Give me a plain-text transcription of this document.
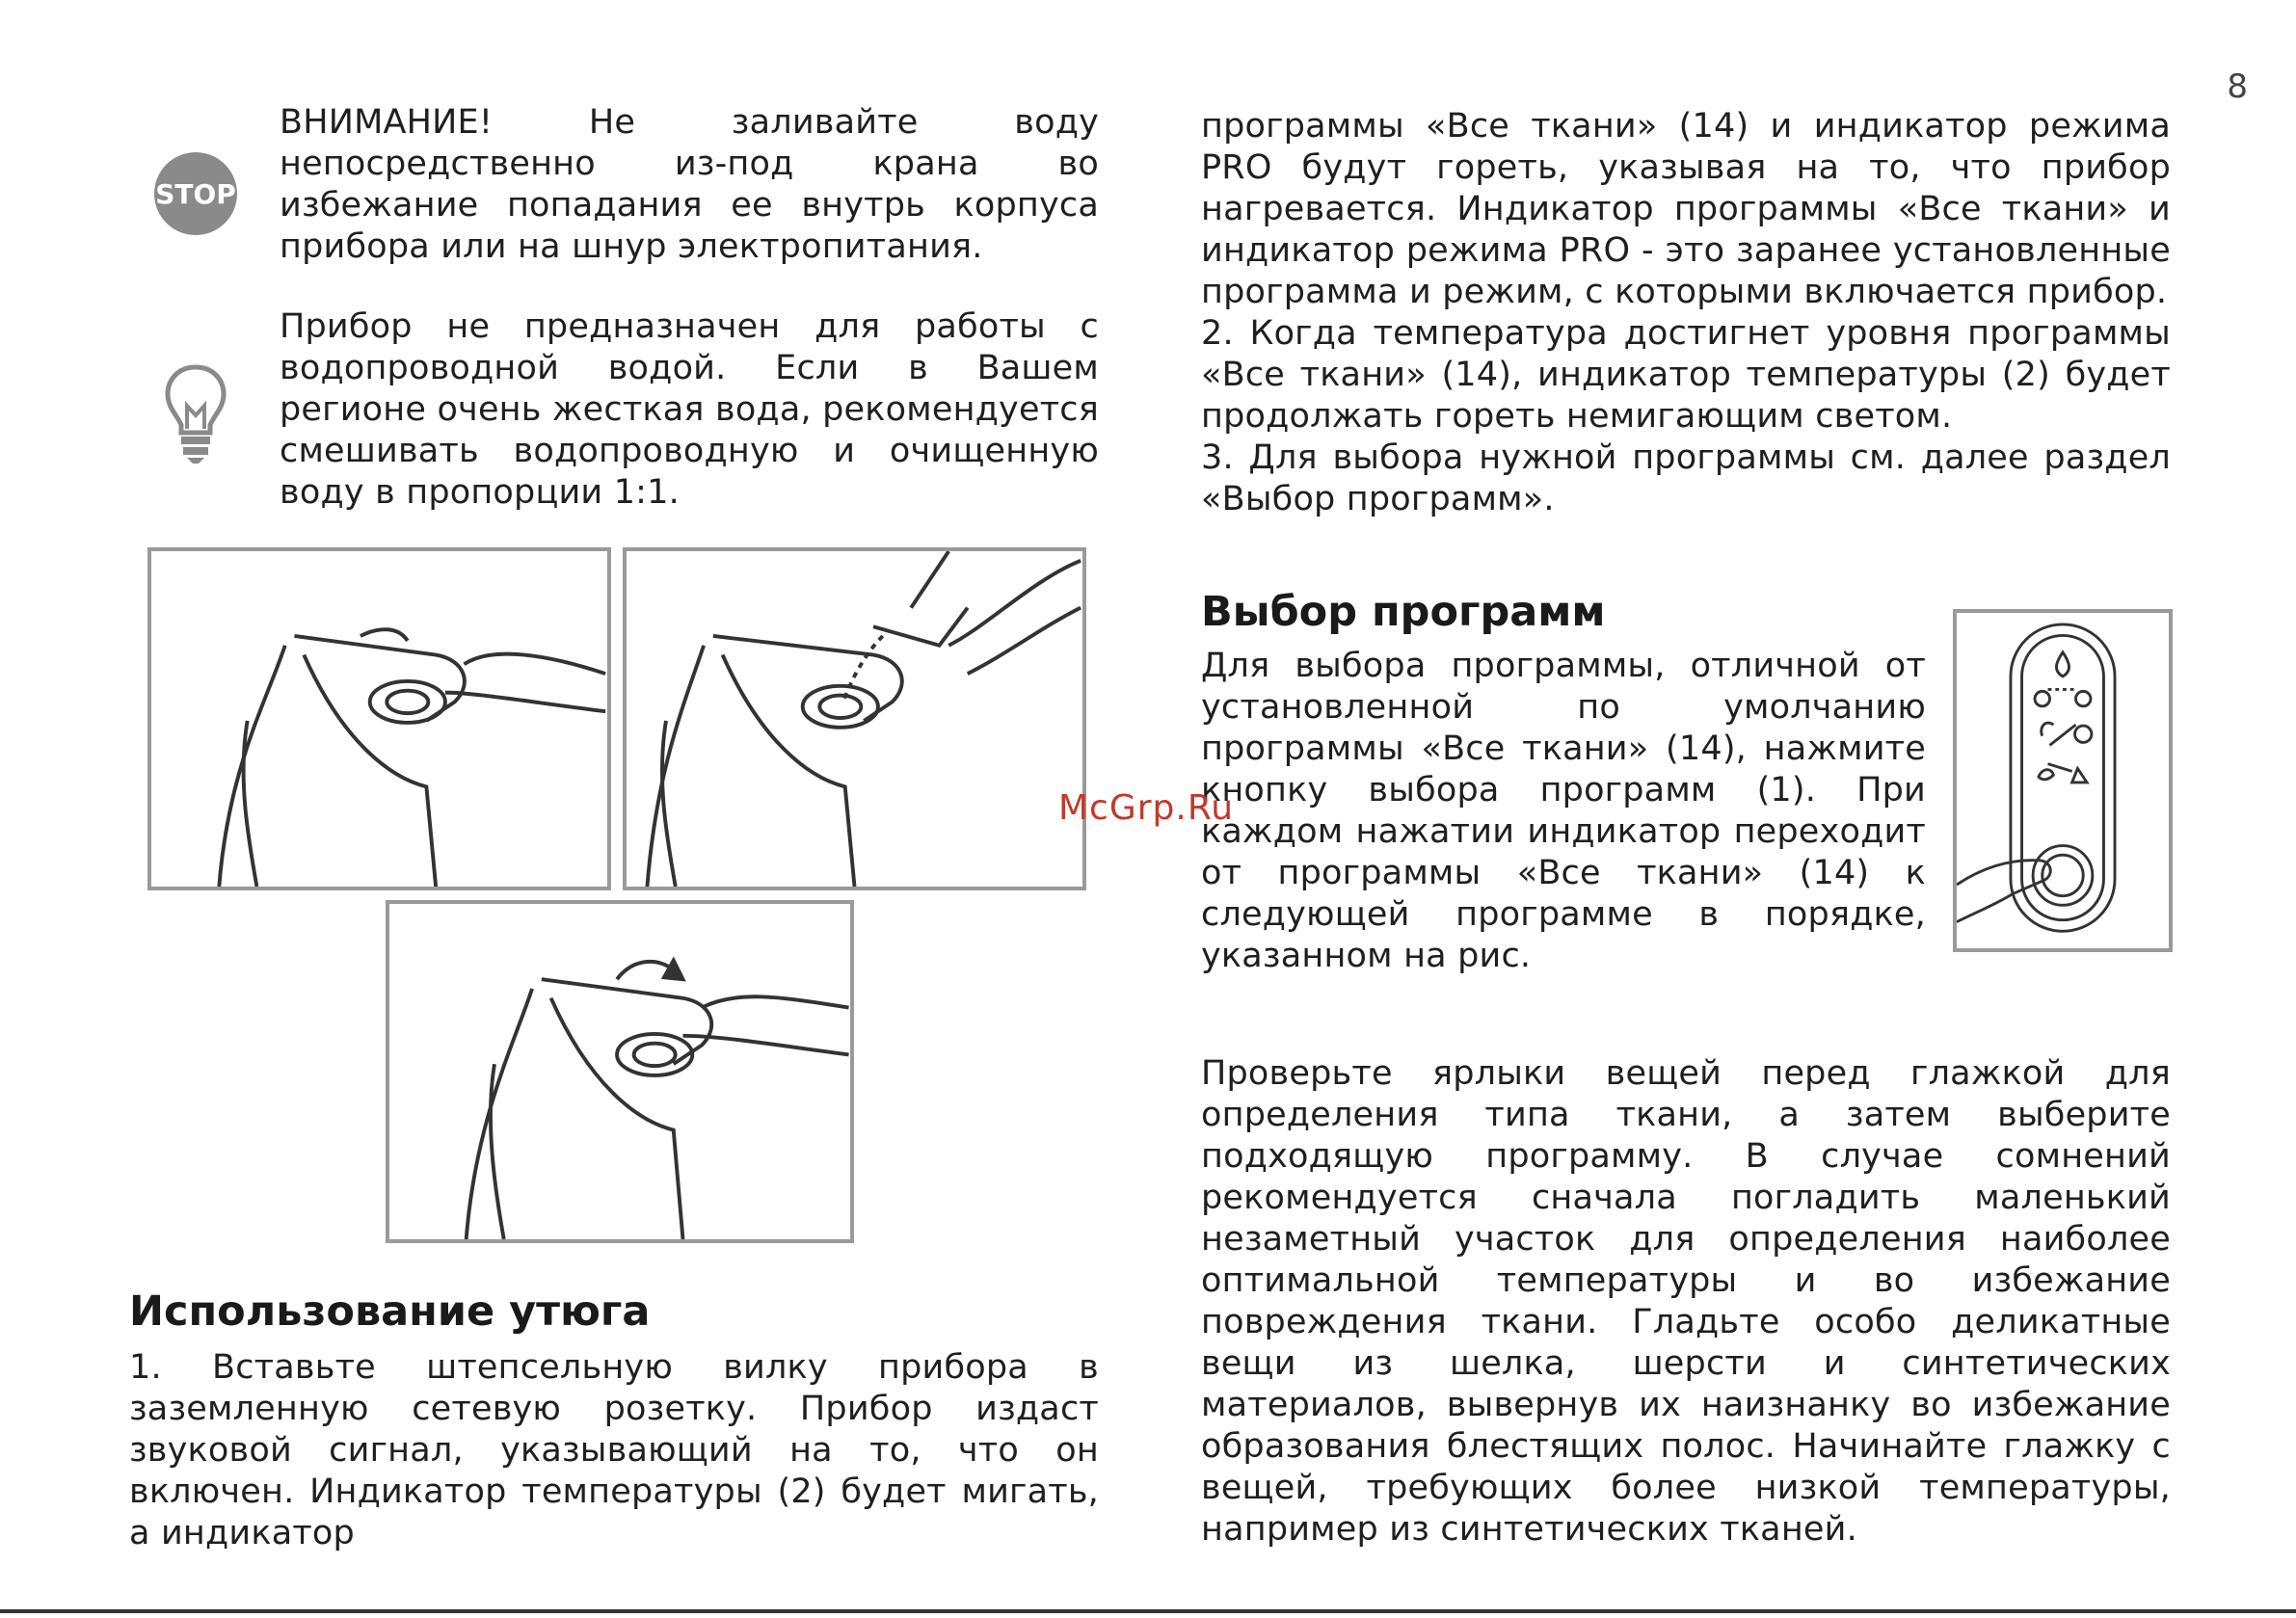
8
STOP

ВНИМАНИЕ! Не заливайте воду непосредственно из-под крана во избежание попадания ее внутрь корпуса прибора или на шнур электропитания.

Прибор не предназначен для работы с водопроводной водой. Если в Вашем регионе очень жесткая вода, рекомендуется смешивать водопроводную и очищенную воду в пропорции 1:1.

Использование утюга

1. Вставьте штепсельную вилку прибора в заземленную сетевую розетку. Прибор издаст звуковой сигнал, указывающий на то, что он включен. Индикатор температуры (2) будет мигать, а индикатор

программы «Все ткани» (14) и индикатор режима PRO будут гореть, указывая на то, что прибор нагревается. Индикатор программы «Все ткани» и индикатор режима PRO - это заранее установленные программа и режим, с которыми включается прибор.

2. Когда температура достигнет уровня программы «Все ткани» (14), индикатор температуры (2) будет продолжать гореть немигающим светом.

3. Для выбора нужной программы см. далее раздел «Выбор программ».

Выбор программ

Для выбора программы, отличной от установленной по умолчанию программы «Все ткани» (14), нажмите кнопку выбора программ (1). При каждом нажатии индикатор переходит от программы «Все ткани» (14) к следующей программе в порядке, указанном на рис.

McGrp.Ru

Проверьте ярлыки вещей перед глажкой для определения типа ткани, а затем выберите подходящую программу. В случае сомнений рекомендуется сначала погладить маленький незаметный участок для определения наиболее оптимальной температуры и во избежание повреждения ткани. Гладьте особо деликатные вещи из шелка, шерсти и синтетических материалов, вывернув их наизнанку во избежание образования блестящих полос. Начинайте глажку с вещей, требующих более низкой температуры, например из синтетических тканей.
